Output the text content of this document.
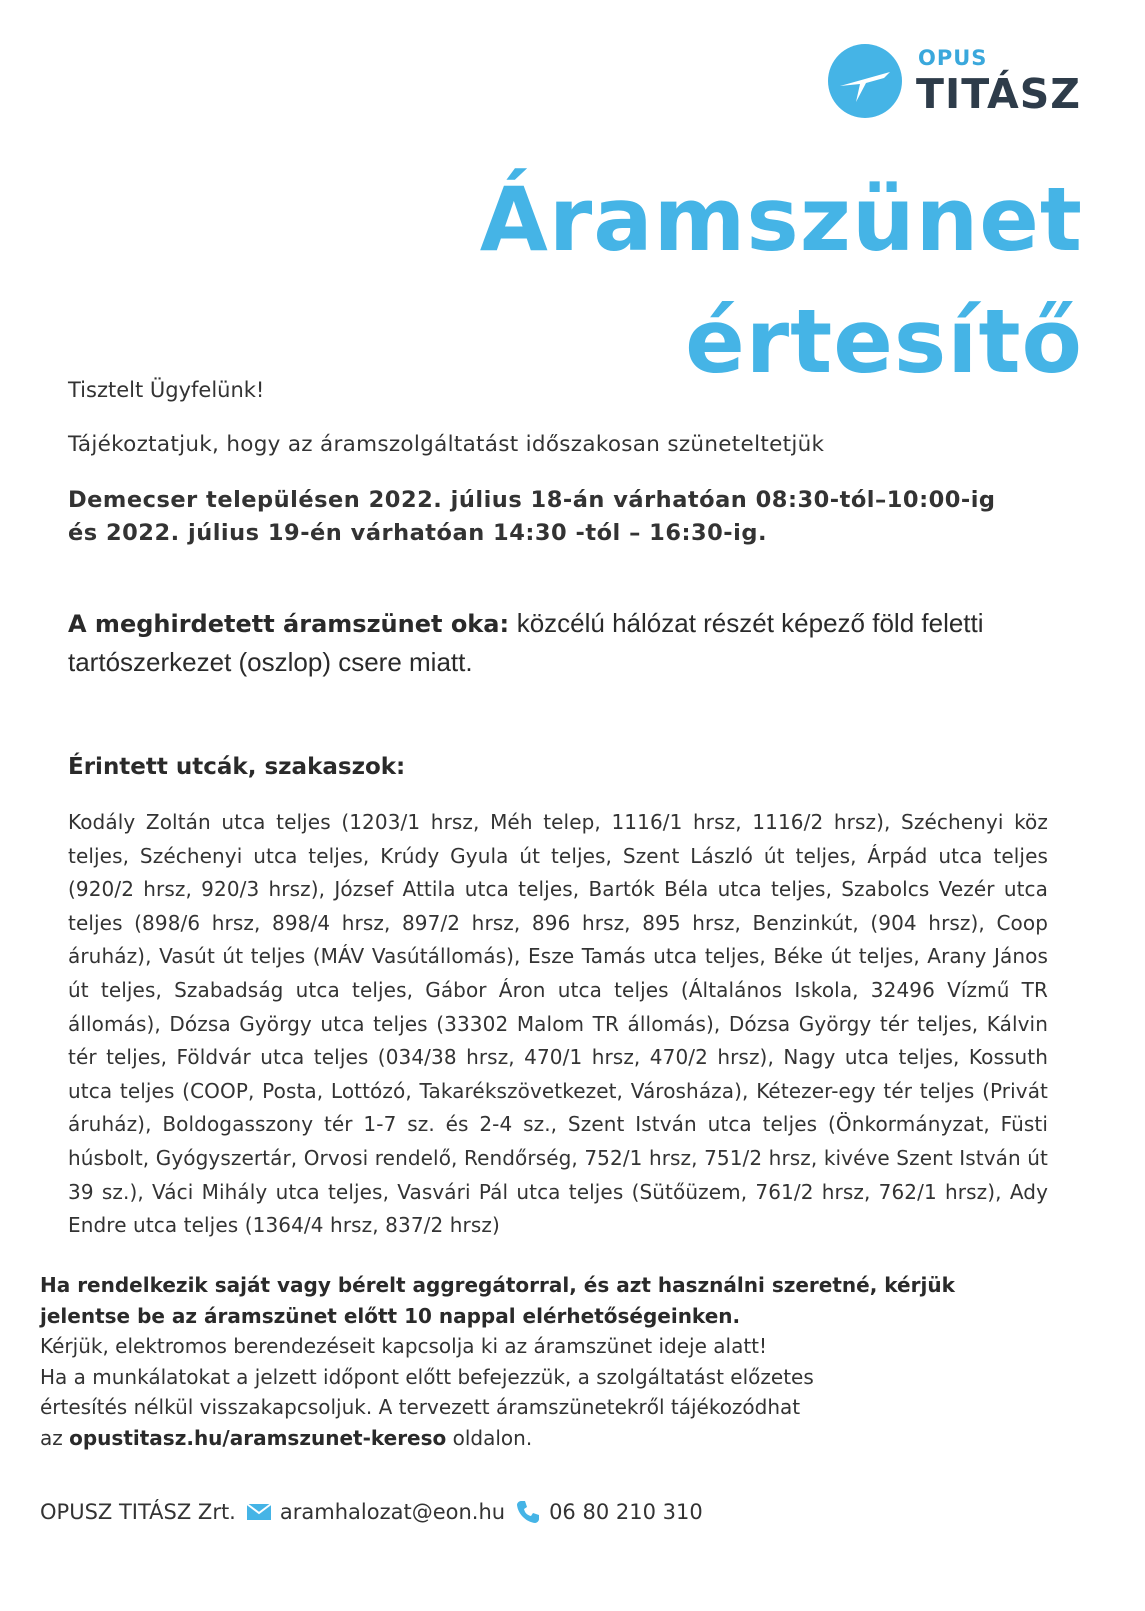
OPUS
TITÁSZ
Áramszünet
értesítő
Tisztelt Ügyfelünk!
Tájékoztatjuk, hogy az áramszolgáltatást időszakosan szüneteltetjük
Demecser településen 2022. július 18-án várhatóan 08:30-tól–10:00-ig
és 2022. július 19-én várhatóan 14:30 -tól – 16:30-ig.
A meghirdetett áramszünet oka: közcélú hálózat részét képező föld feletti tartószerkezet (oszlop) csere miatt.
Érintett utcák, szakaszok:
Kodály Zoltán utca teljes (1203/1 hrsz, Méh telep, 1116/1 hrsz, 1116/2 hrsz), Széchenyi köz teljes, Széchenyi utca teljes, Krúdy Gyula út teljes, Szent László út teljes, Árpád utca teljes (920/2 hrsz, 920/3 hrsz), József Attila utca teljes, Bartók Béla utca teljes, Szabolcs Vezér utca teljes (898/6 hrsz, 898/4 hrsz, 897/2 hrsz, 896 hrsz, 895 hrsz, Benzinkút, (904 hrsz), Coop áruház), Vasút út teljes (MÁV Vasútállomás), Esze Tamás utca teljes, Béke út teljes, Arany János út teljes, Szabadság utca teljes, Gábor Áron utca teljes (Általános Iskola, 32496 Vízmű TR állomás), Dózsa György utca teljes (33302 Malom TR állomás), Dózsa György tér teljes, Kálvin tér teljes, Földvár utca teljes (034/38 hrsz, 470/1 hrsz, 470/2 hrsz), Nagy utca teljes, Kossuth utca teljes (COOP, Posta, Lottózó, Takarékszövetkezet, Városháza), Kétezer-egy tér teljes (Privát áruház), Boldogasszony tér 1-7 sz. és 2-4 sz., Szent István utca teljes (Önkormányzat, Füsti húsbolt, Gyógyszertár, Orvosi rendelő, Rendőrség, 752/1 hrsz, 751/2 hrsz, kivéve Szent István út 39 sz.), Váci Mihály utca teljes, Vasvári Pál utca teljes (Sütőüzem, 761/2 hrsz, 762/1 hrsz), Ady Endre utca teljes (1364/4 hrsz, 837/2 hrsz)
Ha rendelkezik saját vagy bérelt aggregátorral, és azt használni szeretné, kérjük
jelentse be az áramszünet előtt 10 nappal elérhetőségeinken.
Kérjük, elektromos berendezéseit kapcsolja ki az áramszünet ideje alatt!
Ha a munkálatokat a jelzett időpont előtt befejezzük, a szolgáltatást előzetes
értesítés nélkül visszakapcsoljuk. A tervezett áramszünetekről tájékozódhat
az opustitasz.hu/aramszunet-kereso oldalon.
OPUSZ TITÁSZ Zrt. aramhalozat@eon.hu 06 80 210 310
